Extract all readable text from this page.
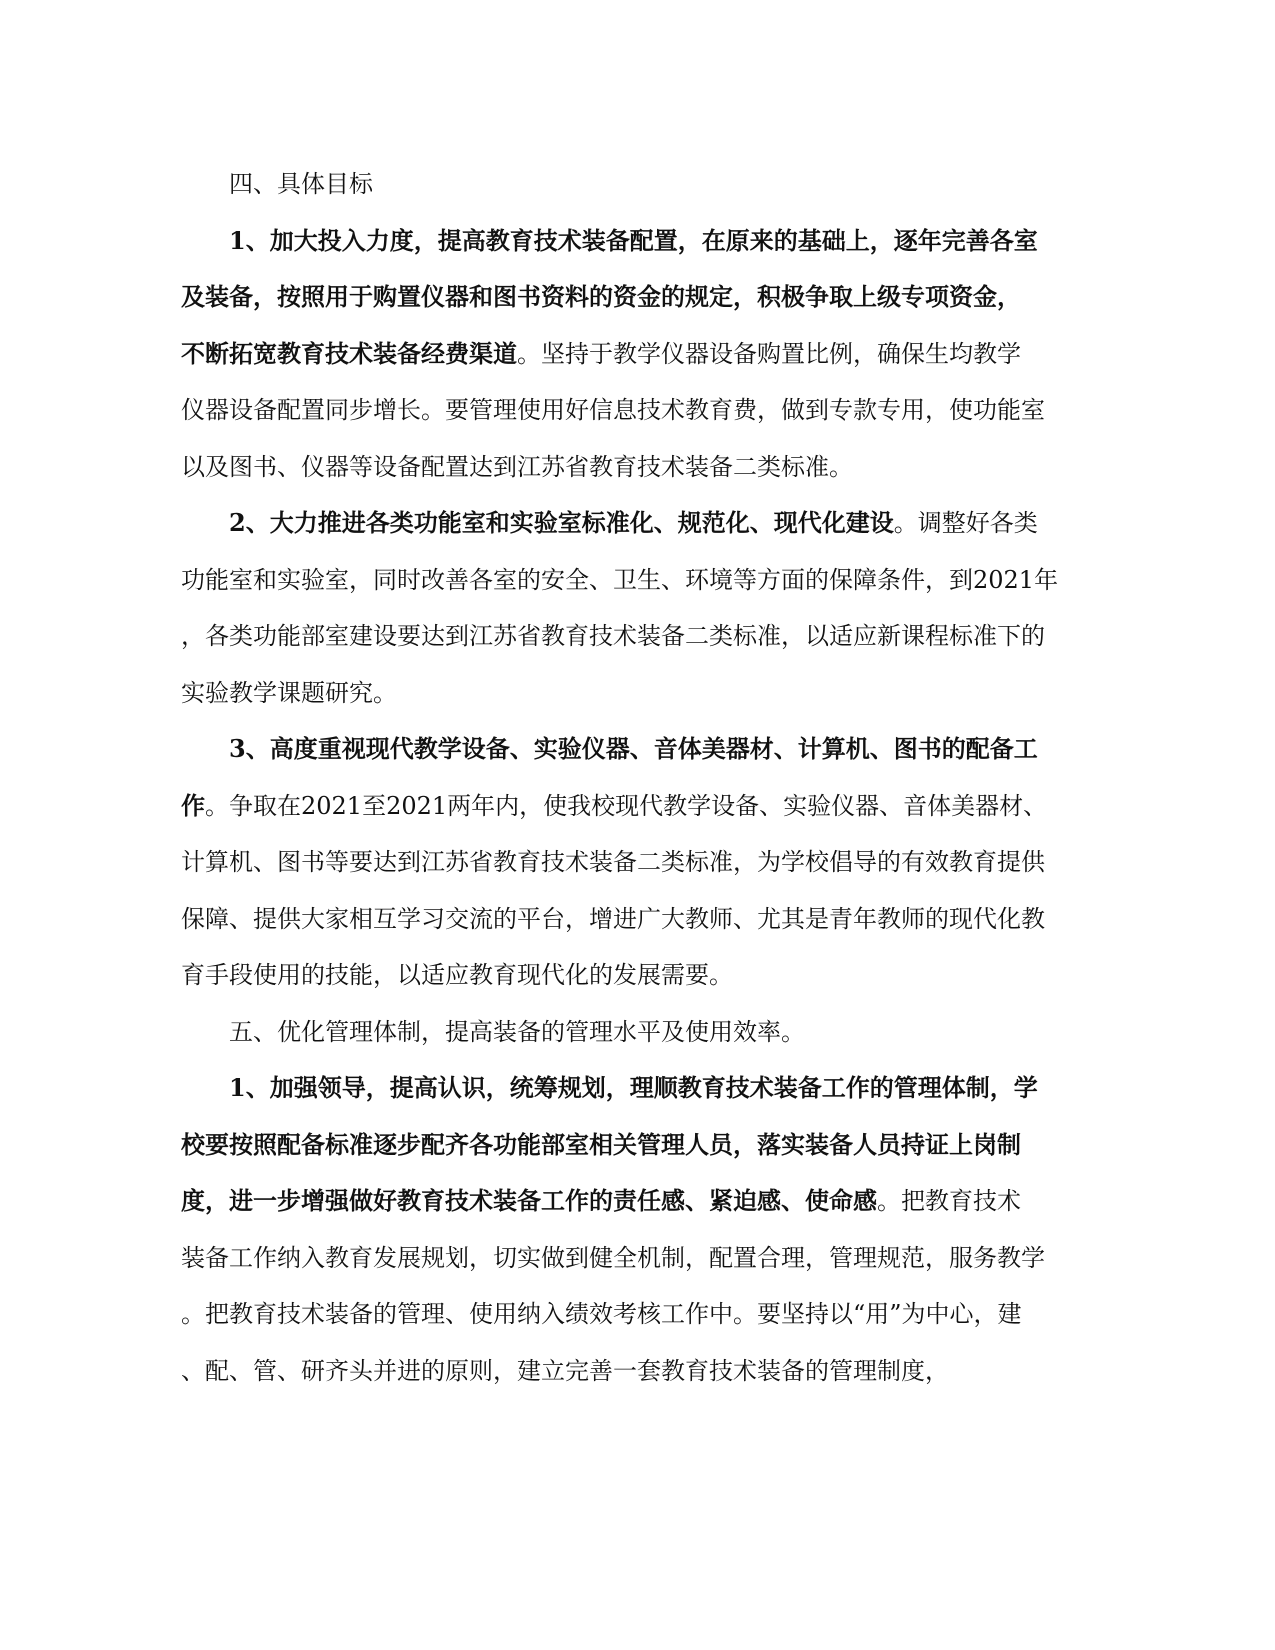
四、具体目标
1、加大投入力度，提高教育技术装备配置，在原来的基础上，逐年完善各室
及装备，按照用于购置仪器和图书资料的资金的规定，积极争取上级专项资金，
不断拓宽教育技术装备经费渠道。坚持于教学仪器设备购置比例，确保生均教学
仪器设备配置同步增长。要管理使用好信息技术教育费，做到专款专用，使功能室
以及图书、仪器等设备配置达到江苏省教育技术装备二类标准。
2、大力推进各类功能室和实验室标准化、规范化、现代化建设。调整好各类
功能室和实验室，同时改善各室的安全、卫生、环境等方面的保障条件，到2021年
，各类功能部室建设要达到江苏省教育技术装备二类标准，以适应新课程标准下的
实验教学课题研究。
3、高度重视现代教学设备、实验仪器、音体美器材、计算机、图书的配备工
作。争取在2021至2021两年内，使我校现代教学设备、实验仪器、音体美器材、
计算机、图书等要达到江苏省教育技术装备二类标准，为学校倡导的有效教育提供
保障、提供大家相互学习交流的平台，增进广大教师、尤其是青年教师的现代化教
育手段使用的技能，以适应教育现代化的发展需要。
五、优化管理体制，提高装备的管理水平及使用效率。
1、加强领导，提高认识，统筹规划，理顺教育技术装备工作的管理体制，学
校要按照配备标准逐步配齐各功能部室相关管理人员，落实装备人员持证上岗制
度，进一步增强做好教育技术装备工作的责任感、紧迫感、使命感。把教育技术
装备工作纳入教育发展规划，切实做到健全机制，配置合理，管理规范，服务教学
。把教育技术装备的管理、使用纳入绩效考核工作中。要坚持以“用”为中心，建
、配、管、研齐头并进的原则，建立完善一套教育技术装备的管理制度，
